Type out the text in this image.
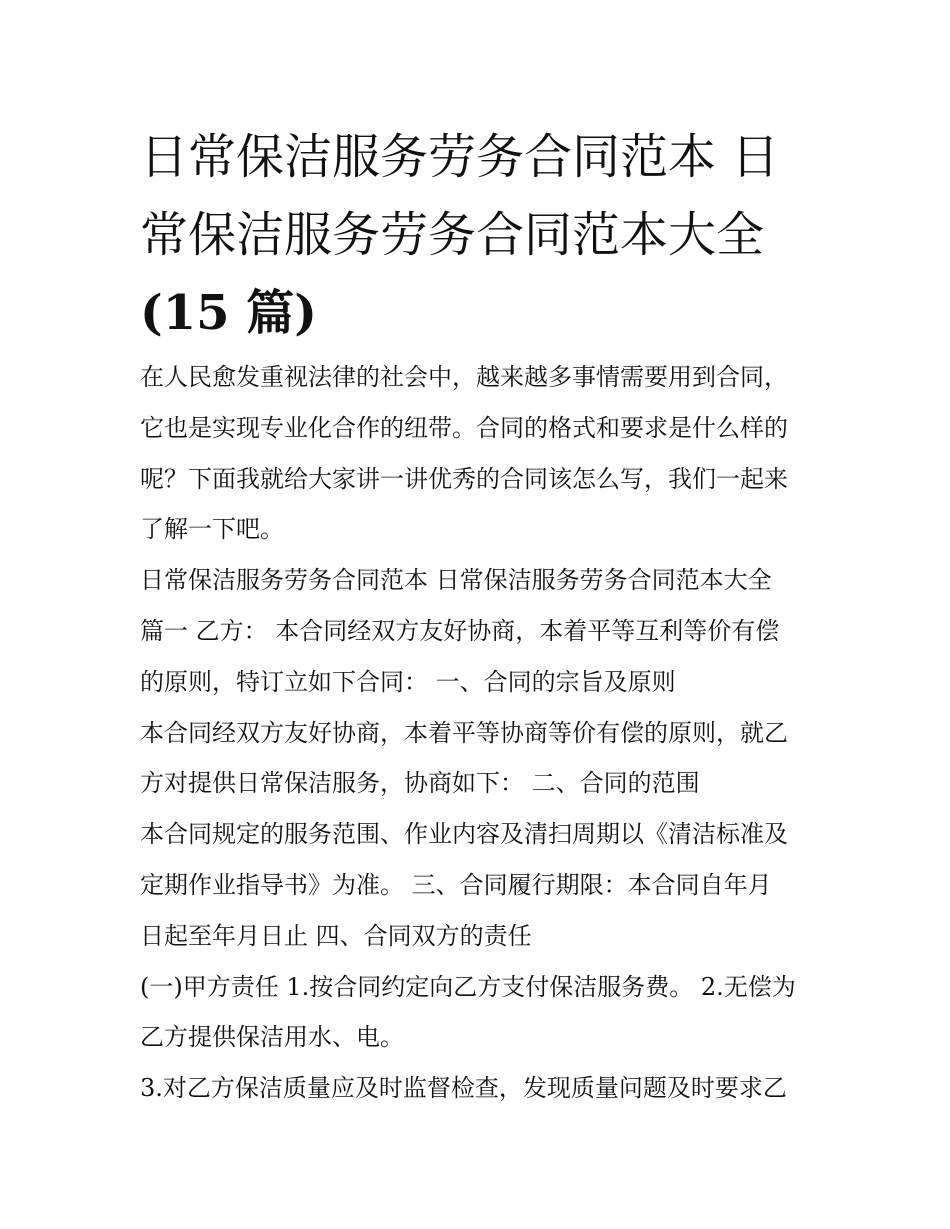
日常保洁服务劳务合同范本 日
常保洁服务劳务合同范本大全
(15 篇)
在人民愈发重视法律的社会中，越来越多事情需要用到合同，
它也是实现专业化合作的纽带。合同的格式和要求是什么样的
呢？下面我就给大家讲一讲优秀的合同该怎么写，我们一起来
了解一下吧。
日常保洁服务劳务合同范本 日常保洁服务劳务合同范本大全
篇一 乙方： 本合同经双方友好协商，本着平等互利等价有偿
的原则，特订立如下合同： 一、合同的宗旨及原则
本合同经双方友好协商，本着平等协商等价有偿的原则，就乙
方对提供日常保洁服务，协商如下： 二、合同的范围
本合同规定的服务范围、作业内容及清扫周期以《清洁标准及
定期作业指导书》为准。 三、合同履行期限：本合同自年月
日起至年月日止 四、合同双方的责任
(一)甲方责任 1.按合同约定向乙方支付保洁服务费。 2.无偿为
乙方提供保洁用水、电。
3.对乙方保洁质量应及时监督检查，发现质量问题及时要求乙
